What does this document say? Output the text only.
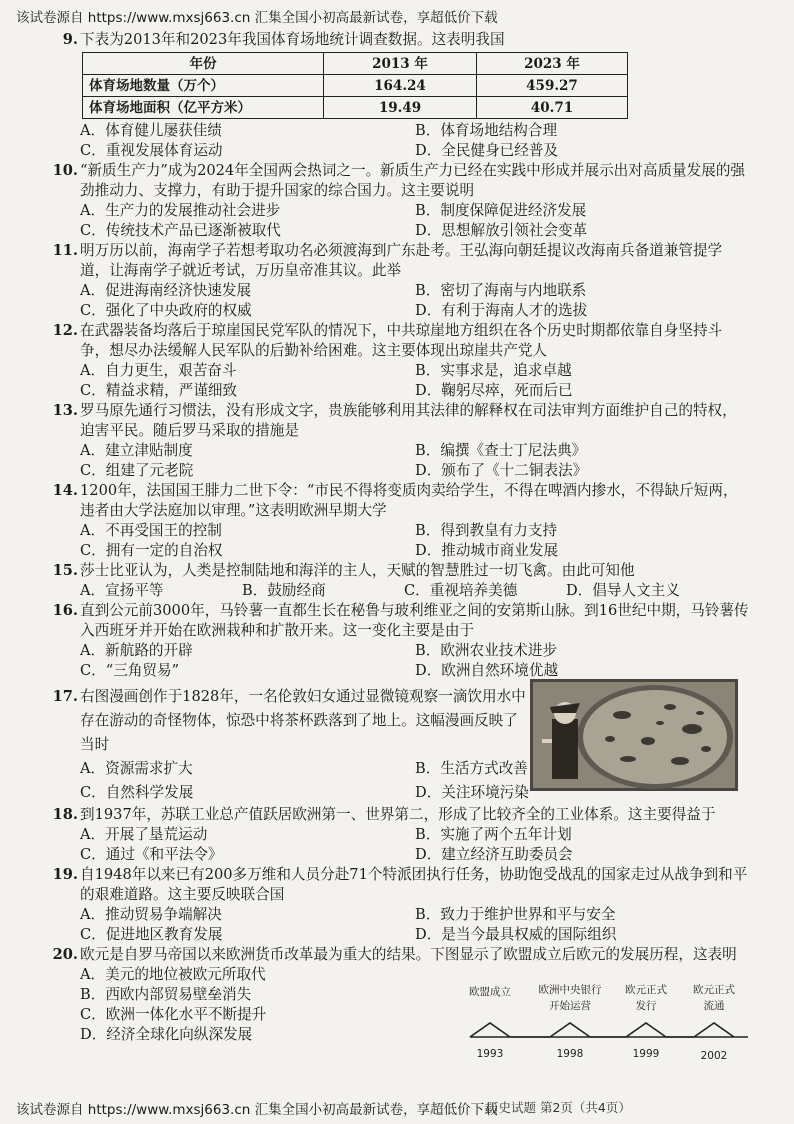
该试卷源自 https://www.mxsj663.cn 汇集全国小初高最新试卷，享超低价下载
9. 下表为2013年和2023年我国体育场地统计调查数据。这表明我国
年份	2013 年	2023 年
体育场地数量（万个）	164.24	459.27
体育场地面积（亿平方米）	19.49	40.71
A．体育健儿屡获佳绩	B．体育场地结构合理
C．重视发展体育运动	D．全民健身已经普及
10. “新质生产力”成为2024年全国两会热词之一。新质生产力已经在实践中形成并展示出对高质量发展的强劲推动力、支撑力，有助于提升国家的综合国力。这主要说明
A．生产力的发展推动社会进步	B．制度保障促进经济发展
C．传统技术产品已逐渐被取代	D．思想解放引领社会变革
11. 明万历以前，海南学子若想考取功名必须渡海到广东赴考。王弘海向朝廷提议改海南兵备道兼管提学道，让海南学子就近考试，万历皇帝准其议。此举
A．促进海南经济快速发展	B．密切了海南与内地联系
C．强化了中央政府的权威	D．有利于海南人才的选拔
12. 在武器装备均落后于琼崖国民党军队的情况下，中共琼崖地方组织在各个历史时期都依靠自身坚持斗争，想尽办法缓解人民军队的后勤补给困难。这主要体现出琼崖共产党人
A．自力更生，艰苦奋斗	B．实事求是，追求卓越
C．精益求精，严谨细致	D．鞠躬尽瘁，死而后已
13. 罗马原先通行习惯法，没有形成文字，贵族能够利用其法律的解释权在司法审判方面维护自己的特权，迫害平民。随后罗马采取的措施是
A．建立津贴制度	B．编撰《查士丁尼法典》
C．组建了元老院	D．颁布了《十二铜表法》
14. 1200年，法国国王腓力二世下令：“市民不得将变质肉卖给学生，不得在啤酒内掺水，不得缺斤短两，违者由大学法庭加以审理。”这表明欧洲早期大学
A．不再受国王的控制	B．得到教皇有力支持
C．拥有一定的自治权	D．推动城市商业发展
15. 莎士比亚认为，人类是控制陆地和海洋的主人，天赋的智慧胜过一切飞禽。由此可知他
A．宣扬平等	B．鼓励经商	C．重视培养美德	D．倡导人文主义
16. 直到公元前3000年，马铃薯一直都生长在秘鲁与玻利维亚之间的安第斯山脉。到16世纪中期，马铃薯传入西班牙并开始在欧洲栽种和扩散开来。这一变化主要是由于
A．新航路的开辟	B．欧洲农业技术进步
C．“三角贸易”	D．欧洲自然环境优越
17. 右图漫画创作于1828年，一名伦敦妇女通过显微镜观察一滴饮用水中存在游动的奇怪物体，惊恐中将茶杯跌落到了地上。这幅漫画反映了当时
A．资源需求扩大	B．生活方式改善
C．自然科学发展	D．关注环境污染
18. 到1937年，苏联工业总产值跃居欧洲第一、世界第二，形成了比较齐全的工业体系。这主要得益于
A．开展了垦荒运动	B．实施了两个五年计划
C．通过《和平法令》	D．建立经济互助委员会
19. 自1948年以来已有200多万维和人员分赴71个特派团执行任务，协助饱受战乱的国家走过从战争到和平的艰难道路。这主要反映联合国
A．推动贸易争端解决	B．致力于维护世界和平与安全
C．促进地区教育发展	D．是当今最具权威的国际组织
20. 欧元是自罗马帝国以来欧洲货币改革最为重大的结果。下图显示了欧盟成立后欧元的发展历程，这表明
A．美元的地位被欧元所取代
B．西欧内部贸易壁垒消失
C．欧洲一体化水平不断提升
D．经济全球化向纵深发展
欧盟成立	欧洲中央银行
开始运营
欧元正式
发行
欧元正式
流通
1993	1998	1999	2002
该试卷源自 https://www.mxsj663.cn 汇集全国小初高最新试卷，享超低价下载
历史试题 第2页（共4页）
